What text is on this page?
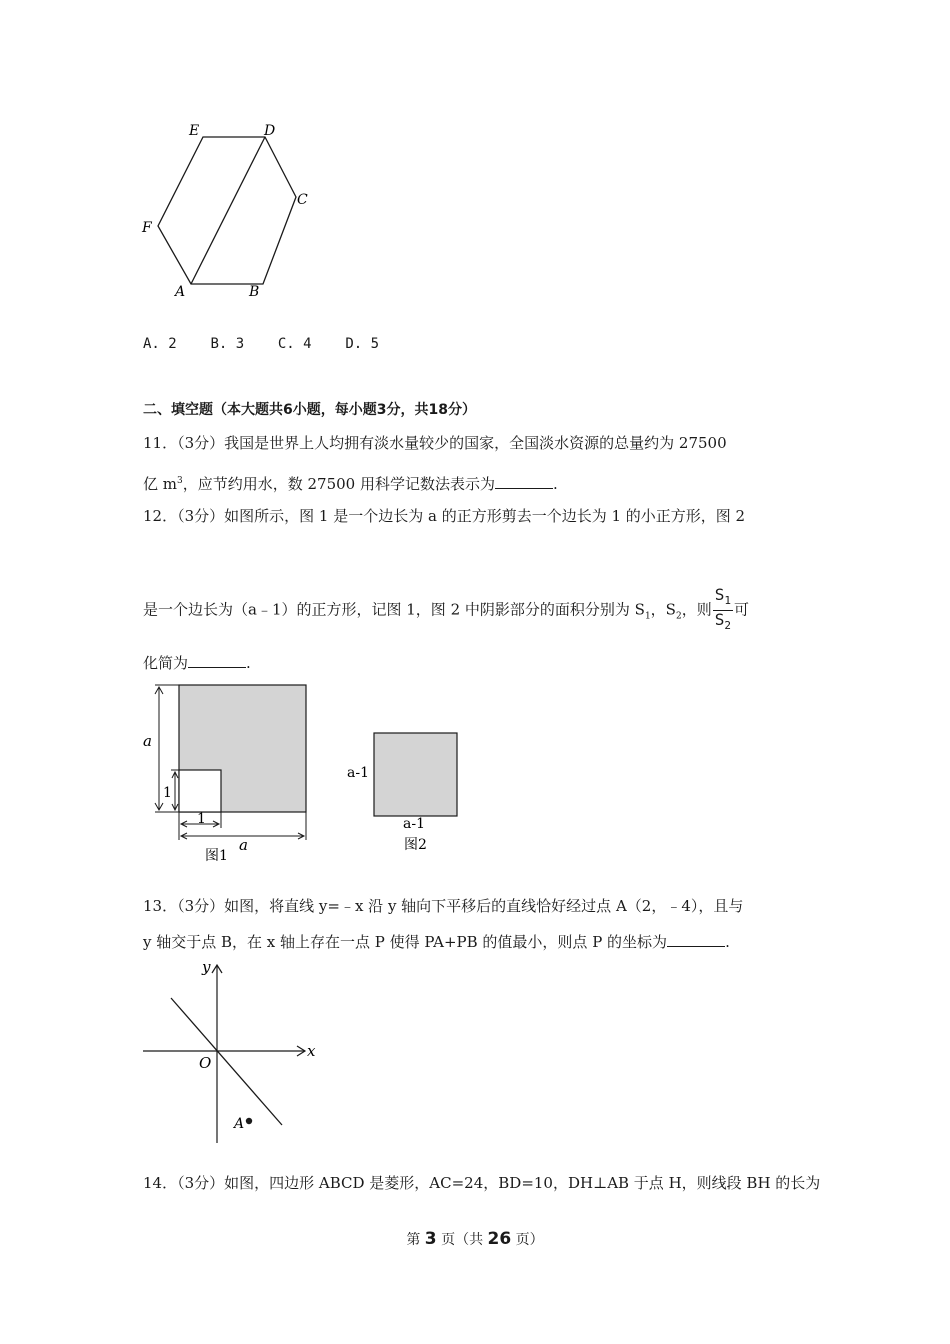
E	D
C
F
A	B
A. 2 B. 3 C. 4 D. 5
二、填空题（本大题共6小题，每小题3分，共18分）
11．（3分）我国是世界上人均拥有淡水量较少的国家，全国淡水资源的总量约为 27500
亿 $m^3$，应节约用水，数 27500 用科学记数法表示为	.
12．（3分）如图所示，图 1 是一个边长为 a 的正方形剪去一个边长为 1 的小正方形，图 2
是一个边长为（a﹣1）的正方形，记图 1，图 2 中阴影部分的面积分别为 $S_1$，$S_2$，则 $\frac{S_1}{S_2}$ 可
化简为	.
a
1
1
a
图1
a-1
a-1
图2
13．（3分）如图，将直线 y=﹣x 沿 y 轴向下平移后的直线恰好经过点 A（2，﹣4），且与
y 轴交于点 B，在 x 轴上存在一点 P 使得 PA+PB 的值最小，则点 P 的坐标为	.
y
x
O
A
14．（3分）如图，四边形 ABCD 是菱形，AC=24，BD=10，DH⊥AB 于点 H，则线段 BH 的长为
第 3 页（共 26 页）
